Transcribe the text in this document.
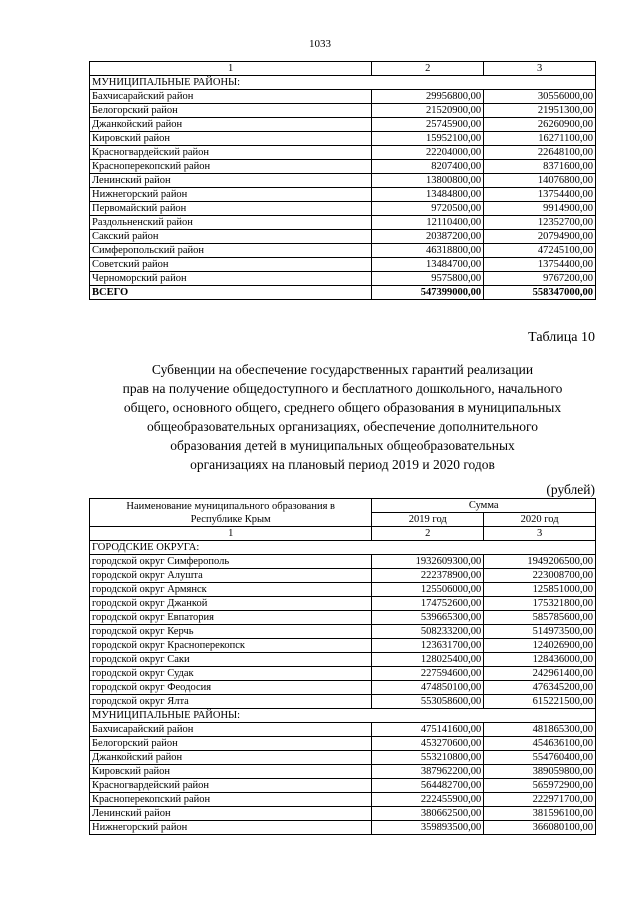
1033
1	2	3
МУНИЦИПАЛЬНЫЕ РАЙОНЫ:		
Бахчисарайский район	29956800,00	30556000,00
Белогорский район	21520900,00	21951300,00
Джанкойский район	25745900,00	26260900,00
Кировский район	15952100,00	16271100,00
Красногвардейский район	22204000,00	22648100,00
Красноперекопский район	8207400,00	8371600,00
Ленинский район	13800800,00	14076800,00
Нижнегорский район	13484800,00	13754400,00
Первомайский район	9720500,00	9914900,00
Раздольненский район	12110400,00	12352700,00
Сакский район	20387200,00	20794900,00
Симферопольский район	46318800,00	47245100,00
Советский район	13484700,00	13754400,00
Черноморский район	9575800,00	9767200,00
ВСЕГО	547399000,00	558347000,00
Таблица 10
Субвенции на обеспечение государственных гарантий реализации
прав на получение общедоступного и бесплатного дошкольного, начального
общего, основного общего, среднего общего образования в муниципальных
общеобразовательных организациях, обеспечение дополнительного
образования детей в муниципальных общеобразовательных
организациях на плановый период 2019 и 2020 годов
(рублей)
Наименование муниципального образования в Республике Крым	Сумма	
	2019 год	2020 год
1	2	3
ГОРОДСКИЕ ОКРУГА:		
городской округ Симферополь	1932609300,00	1949206500,00
городской округ Алушта	222378900,00	223008700,00
городской округ Армянск	125506000,00	125851000,00
городской округ Джанкой	174752600,00	175321800,00
городской округ Евпатория	539665300,00	585785600,00
городской округ Керчь	508233200,00	514973500,00
городской округ Красноперекопск	123631700,00	124026900,00
городской округ Саки	128025400,00	128436000,00
городской округ Судак	227594600,00	242961400,00
городской округ Феодосия	474850100,00	476345200,00
городской округ Ялта	553058600,00	615221500,00
МУНИЦИПАЛЬНЫЕ РАЙОНЫ:		
Бахчисарайский район	475141600,00	481865300,00
Белогорский район	453270600,00	454636100,00
Джанкойский район	553210800,00	554760400,00
Кировский район	387962200,00	389059800,00
Красногвардейский район	564482700,00	565972900,00
Красноперекопский район	222455900,00	222971700,00
Ленинский район	380662500,00	381596100,00
Нижнегорский район	359893500,00	366080100,00
